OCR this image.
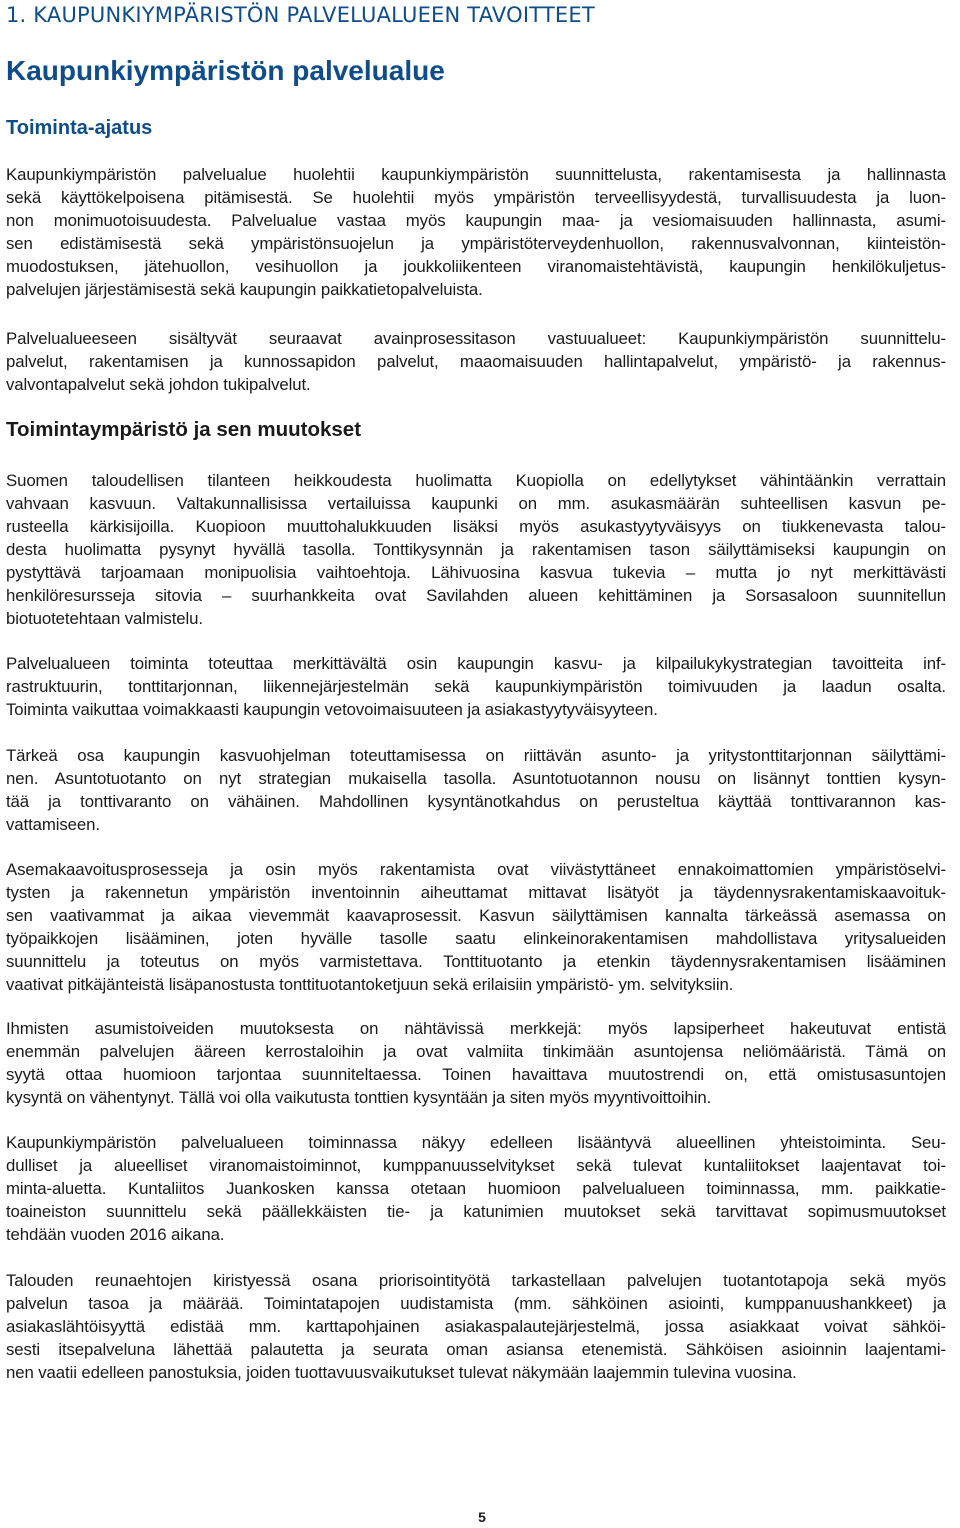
1. KAUPUNKIYMPÄRISTÖN PALVELUALUEEN TAVOITTEET
Kaupunkiympäristön palvelualue
Toiminta-ajatus
Kaupunkiympäristön palvelualue huolehtii kaupunkiympäristön suunnittelusta, rakentamisesta ja hallinnasta
sekä käyttökelpoisena pitämisestä. Se huolehtii myös ympäristön terveellisyydestä, turvallisuudesta ja luon-
non monimuotoisuudesta. Palvelualue vastaa myös kaupungin maa- ja vesiomaisuuden hallinnasta, asumi-
sen edistämisestä sekä ympäristönsuojelun ja ympäristöterveydenhuollon, rakennusvalvonnan, kiinteistön-
muodostuksen, jätehuollon, vesihuollon ja joukkoliikenteen viranomaistehtävistä, kaupungin henkilökuljetus-
palvelujen järjestämisestä sekä kaupungin paikkatietopalveluista.
Palvelualueeseen sisältyvät seuraavat avainprosessitason vastuualueet: Kaupunkiympäristön suunnittelu-
palvelut, rakentamisen ja kunnossapidon palvelut, maaomaisuuden hallintapalvelut, ympäristö- ja rakennus-
valvontapalvelut sekä johdon tukipalvelut.
Toimintaympäristö ja sen muutokset
Suomen taloudellisen tilanteen heikkoudesta huolimatta Kuopiolla on edellytykset vähintäänkin verrattain
vahvaan kasvuun. Valtakunnallisissa vertailuissa kaupunki on mm. asukasmäärän suhteellisen kasvun pe-
rusteella kärkisijoilla. Kuopioon muuttohalukkuuden lisäksi myös asukastyytyväisyys on tiukkenevasta talou-
desta huolimatta pysynyt hyvällä tasolla. Tonttikysynnän ja rakentamisen tason säilyttämiseksi kaupungin on
pystyttävä tarjoamaan monipuolisia vaihtoehtoja. Lähivuosina kasvua tukevia – mutta jo nyt merkittävästi
henkilöresursseja sitovia – suurhankkeita ovat Savilahden alueen kehittäminen ja Sorsasaloon suunnitellun
biotuotetehtaan valmistelu.
Palvelualueen toiminta toteuttaa merkittävältä osin kaupungin kasvu- ja kilpailukykystrategian tavoitteita inf-
rastruktuurin, tonttitarjonnan, liikennejärjestelmän sekä kaupunkiympäristön toimivuuden ja laadun osalta.
Toiminta vaikuttaa voimakkaasti kaupungin vetovoimaisuuteen ja asiakastyytyväisyyteen.
Tärkeä osa kaupungin kasvuohjelman toteuttamisessa on riittävän asunto- ja yritystonttitarjonnan säilyttämi-
nen. Asuntotuotanto on nyt strategian mukaisella tasolla. Asuntotuotannon nousu on lisännyt tonttien kysyn-
tää ja tonttivaranto on vähäinen. Mahdollinen kysyntänotkahdus on perusteltua käyttää tonttivarannon kas-
vattamiseen.
Asemakaavoitusprosesseja ja osin myös rakentamista ovat viivästyttäneet ennakoimattomien ympäristöselvi-
tysten ja rakennetun ympäristön inventoinnin aiheuttamat mittavat lisätyöt ja täydennysrakentamiskaavoituk-
sen vaativammat ja aikaa vievemmät kaavaprosessit. Kasvun säilyttämisen kannalta tärkeässä asemassa on
työpaikkojen lisääminen, joten hyvälle tasolle saatu elinkeinorakentamisen mahdollistava yritysalueiden
suunnittelu ja toteutus on myös varmistettava. Tonttituotanto ja etenkin täydennysrakentamisen lisääminen
vaativat pitkäjänteistä lisäpanostusta tonttituotantoketjuun sekä erilaisiin ympäristö- ym. selvityksiin.
Ihmisten asumistoiveiden muutoksesta on nähtävissä merkkejä: myös lapsiperheet hakeutuvat entistä
enemmän palvelujen ääreen kerrostaloihin ja ovat valmiita tinkimään asuntojensa neliömääristä. Tämä on
syytä ottaa huomioon tarjontaa suunniteltaessa. Toinen havaittava muutostrendi on, että omistusasuntojen
kysyntä on vähentynyt. Tällä voi olla vaikutusta tonttien kysyntään ja siten myös myyntivoittoihin.
Kaupunkiympäristön palvelualueen toiminnassa näkyy edelleen lisääntyvä alueellinen yhteistoiminta. Seu-
dulliset ja alueelliset viranomaistoiminnot, kumppanuusselvitykset sekä tulevat kuntaliitokset laajentavat toi-
minta-aluetta. Kuntaliitos Juankosken kanssa otetaan huomioon palvelualueen toiminnassa, mm. paikkatie-
toaineiston suunnittelu sekä päällekkäisten tie- ja katunimien muutokset sekä tarvittavat sopimusmuutokset
tehdään vuoden 2016 aikana.
Talouden reunaehtojen kiristyessä osana priorisointityötä tarkastellaan palvelujen tuotantotapoja sekä myös
palvelun tasoa ja määrää. Toimintatapojen uudistamista (mm. sähköinen asiointi, kumppanuushankkeet) ja
asiakaslähtöisyyttä edistää mm. karttapohjainen asiakaspalautejärjestelmä, jossa asiakkaat voivat sähköi-
sesti itsepalveluna lähettää palautetta ja seurata oman asiansa etenemistä. Sähköisen asioinnin laajentami-
nen vaatii edelleen panostuksia, joiden tuottavuusvaikutukset tulevat näkymään laajemmin tulevina vuosina.
5
